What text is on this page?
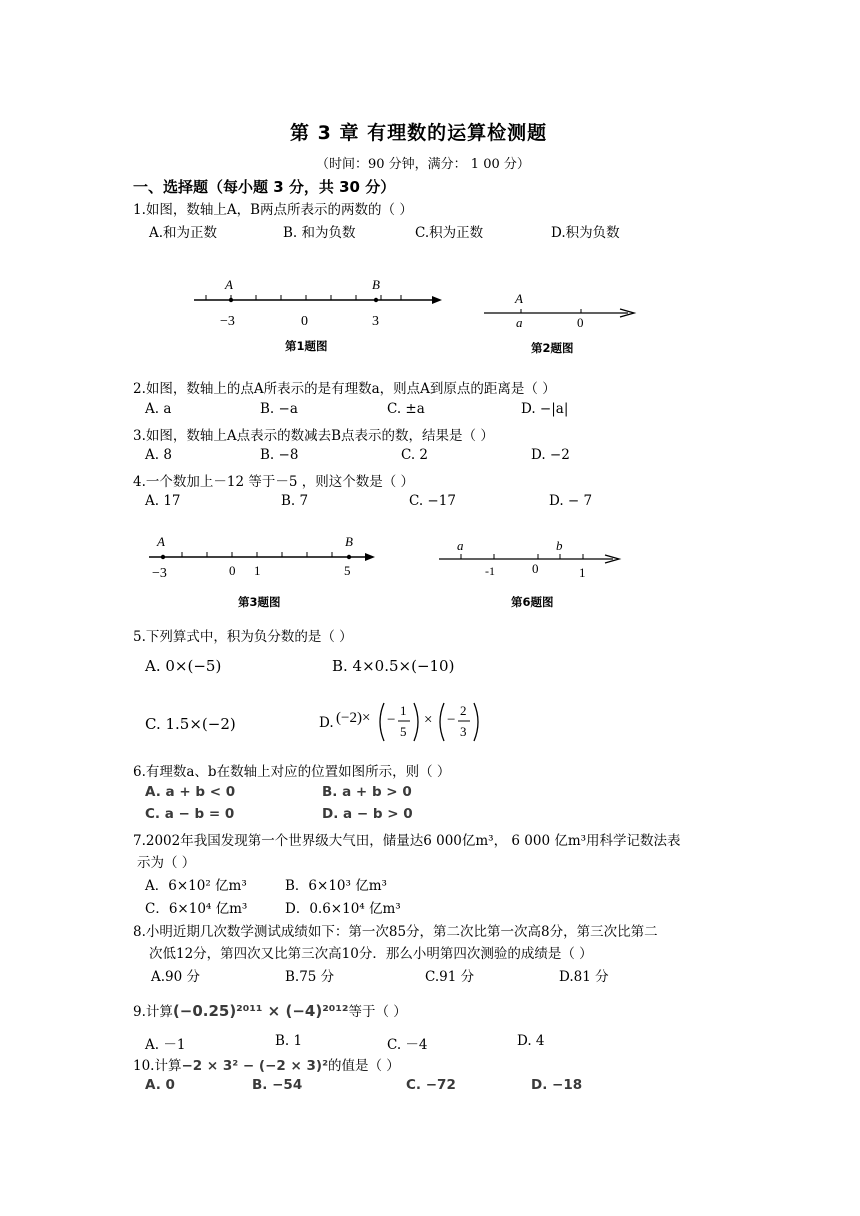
第 3 章 有理数的运算检测题
（时间：90 分钟，满分： 1 00 分）
一、选择题（每小题 3 分，共 30 分）
1.如图，数轴上A，B两点所表示的两数的（ ）
A.和为正数	B. 和为负数	C.积为正数	D.积为负数
A	B
−3	0	3
第1题图
A
a	0
第2题图
2.如图，数轴上的点A所表示的是有理数a，则点A到原点的距离是（ ）
A. a	B. −a	C. ±a	D. −|a|
3.如图，数轴上A点表示的数减去B点表示的数，结果是（ ）
A. 8	B. −8	C. 2	D. −2
4.一个数加上－12 等于－5 ，则这个数是（ ）
A. 17	B. 7	C. −17	D. − 7
A	B
−3	0 1	5
第3题图
a	b
-1	0	1
第6题图
5.下列算式中，积为负分数的是（ ）
A. 0×(−5)	B. 4×0.5×(−10)
C. 1.5×(−2)	D. (−2)× −
1
5
× −
2
3
6.有理数a、b在数轴上对应的位置如图所示，则（ ）
A. a + b < 0	B. a + b > 0
C. a − b = 0	D. a − b > 0
7.2002年我国发现第一个世界级大气田，储量达6 000亿m³， 6 000 亿m³用科学记数法表
示为（ ）
A．6×10² 亿m³	B．6×10³ 亿m³
C．6×10⁴ 亿m³	D．0.6×10⁴ 亿m³
8.小明近期几次数学测试成绩如下：第一次85分，第二次比第一次高8分，第三次比第二
次低12分，第四次又比第三次高10分．那么小明第四次测验的成绩是（ ）
A.90 分	B.75 分	C.91 分	D.81 分
9.计算(−0.25)²⁰¹¹ × (−4)²⁰¹²等于（ ）
A. －1	B. 1	C. －4	D. 4
10.计算−2 × 3² − (−2 × 3)²的值是（ ）
A. 0	B. −54	C. −72	D. −18
